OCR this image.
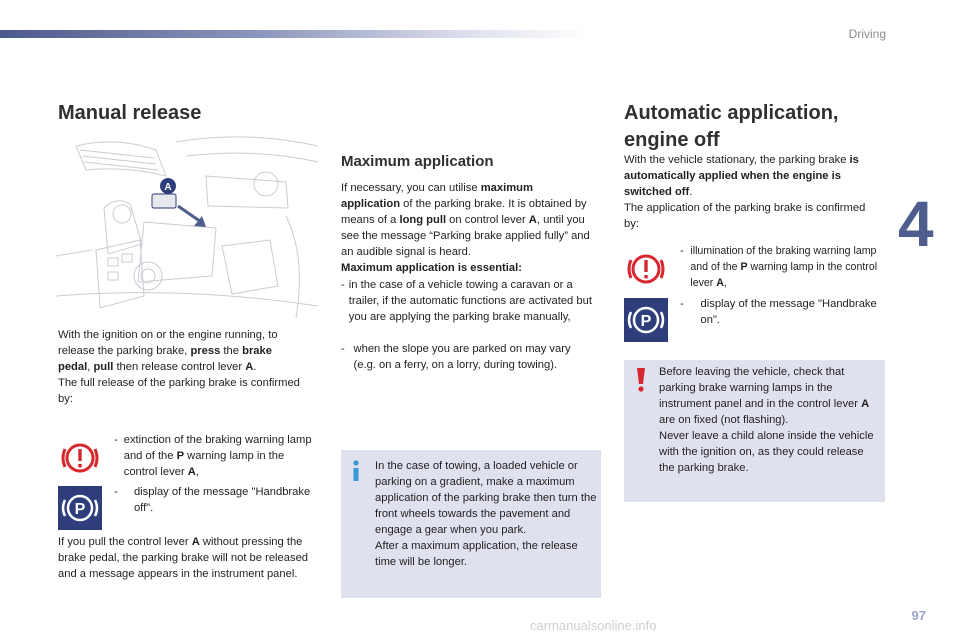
Driving
4
97
carmanualsonline.info
Manual release
A
With the ignition on or the engine running, to release the parking brake, press the brake pedal, pull then release control lever A.
The full release of the parking brake is confirmed by:
- extinction of the braking warning lamp and of the P warning lamp in the control lever A,
P
-	display of the message "Handbrake off".
If you pull the control lever A without pressing the brake pedal, the parking brake will not be released and a message appears in the instrument panel.
Maximum application
If necessary, you can utilise maximum application of the parking brake. It is obtained by means of a long pull on control lever A, until you see the message “Parking brake applied fully” and an audible signal is heard.
Maximum application is essential:
- in the case of a vehicle towing a caravan or a trailer, if the automatic functions are activated but you are applying the parking brake manually,
- when the slope you are parked on may vary (e.g. on a ferry, on a lorry, during towing).
In the case of towing, a loaded vehicle or parking on a gradient, make a maximum application of the parking brake then turn the front wheels towards the pavement and engage a gear when you park.
After a maximum application, the release time will be longer.
Automatic application,
engine off
With the vehicle stationary, the parking brake is automatically applied when the engine is switched off.
The application of the parking brake is confirmed by:
- illumination of the braking warning lamp and of the P warning lamp in the control lever A,
P
-	display of the message "Handbrake on".
Before leaving the vehicle, check that parking brake warning lamps in the instrument panel and in the control lever A are on fixed (not flashing).
Never leave a child alone inside the vehicle with the ignition on, as they could release the parking brake.
